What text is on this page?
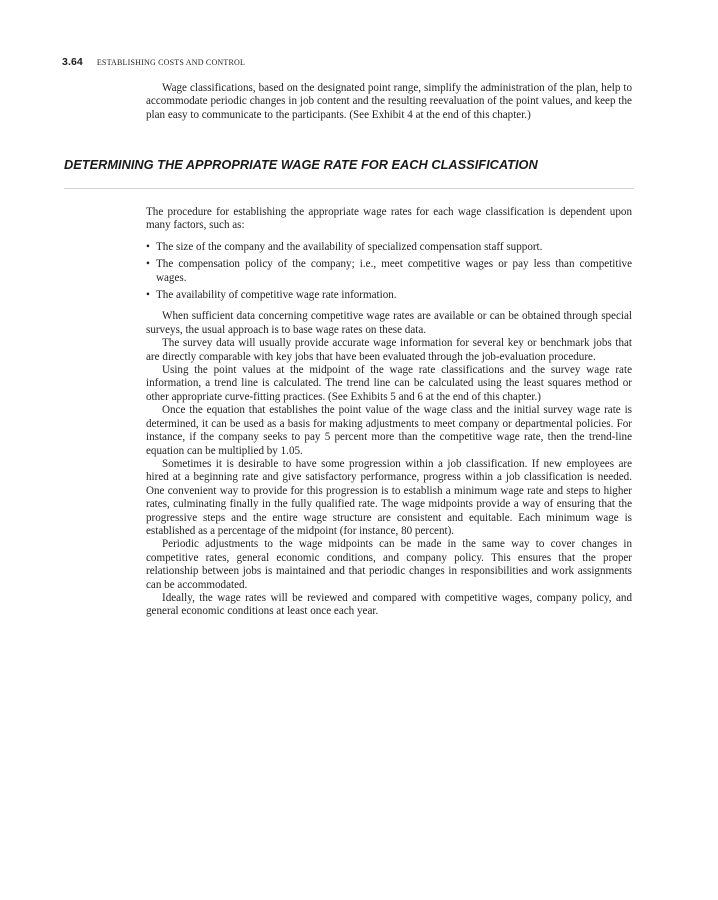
3.64 ESTABLISHING COSTS AND CONTROL

Wage classifications, based on the designated point range, simplify the administration of the plan, help to accommodate periodic changes in job content and the resulting reevaluation of the point values, and keep the plan easy to communicate to the participants. (See Exhibit 4 at the end of this chapter.)

DETERMINING THE APPROPRIATE WAGE RATE FOR EACH CLASSIFICATION

The procedure for establishing the appropriate wage rates for each wage classification is dependent upon many factors, such as:

• The size of the company and the availability of specialized compensation staff support.
• The compensation policy of the company; i.e., meet competitive wages or pay less than competitive wages.
• The availability of competitive wage rate information.

When sufficient data concerning competitive wage rates are available or can be obtained through special surveys, the usual approach is to base wage rates on these data.

The survey data will usually provide accurate wage information for several key or benchmark jobs that are directly comparable with key jobs that have been evaluated through the job-evaluation procedure.

Using the point values at the midpoint of the wage rate classifications and the survey wage rate information, a trend line is calculated. The trend line can be calculated using the least squares method or other appropriate curve-fitting practices. (See Exhibits 5 and 6 at the end of this chapter.)

Once the equation that establishes the point value of the wage class and the initial survey wage rate is determined, it can be used as a basis for making adjustments to meet company or departmental policies. For instance, if the company seeks to pay 5 percent more than the competitive wage rate, then the trend-line equation can be multiplied by 1.05.

Sometimes it is desirable to have some progression within a job classification. If new employees are hired at a beginning rate and give satisfactory performance, progress within a job classification is needed. One convenient way to provide for this progression is to establish a minimum wage rate and steps to higher rates, culminating finally in the fully qualified rate. The wage midpoints provide a way of ensuring that the progressive steps and the entire wage structure are consistent and equitable. Each minimum wage is established as a percentage of the midpoint (for instance, 80 percent).

Periodic adjustments to the wage midpoints can be made in the same way to cover changes in competitive rates, general economic conditions, and company policy. This ensures that the proper relationship between jobs is maintained and that periodic changes in responsibilities and work assignments can be accommodated.

Ideally, the wage rates will be reviewed and compared with competitive wages, company policy, and general economic conditions at least once each year.
